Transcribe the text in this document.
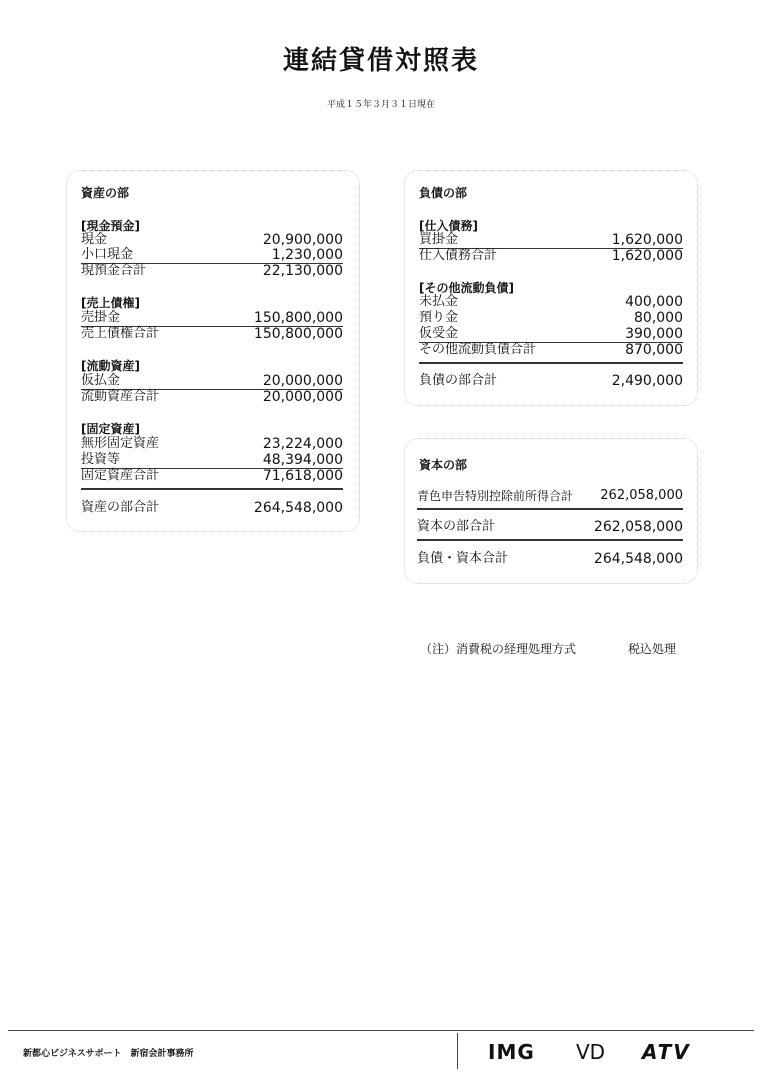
連結貸借対照表
平成１５年３月３１日現在
資産の部
[現金預金]
現金	20,900,000
小口現金	1,230,000
現預金合計	22,130,000
[売上債権]
売掛金	150,800,000
売上債権合計	150,800,000
[流動資産]
仮払金	20,000,000
流動資産合計	20,000,000
[固定資産]
無形固定資産	23,224,000
投資等	48,394,000
固定資産合計	71,618,000
資産の部合計	264,548,000
負債の部
[仕入債務]
買掛金	1,620,000
仕入債務合計	1,620,000
[その他流動負債]
未払金	400,000
預り金	80,000
仮受金	390,000
その他流動負債合計	870,000
負債の部合計	2,490,000
資本の部
青色申告特別控除前所得合計 262,058,000
資本の部合計	262,058,000
負債・資本合計	264,548,000
（注）消費税の経理処理方式	税込処理
新都心ビジネスサポート　新宿会計事務所	IMG VD ATV
